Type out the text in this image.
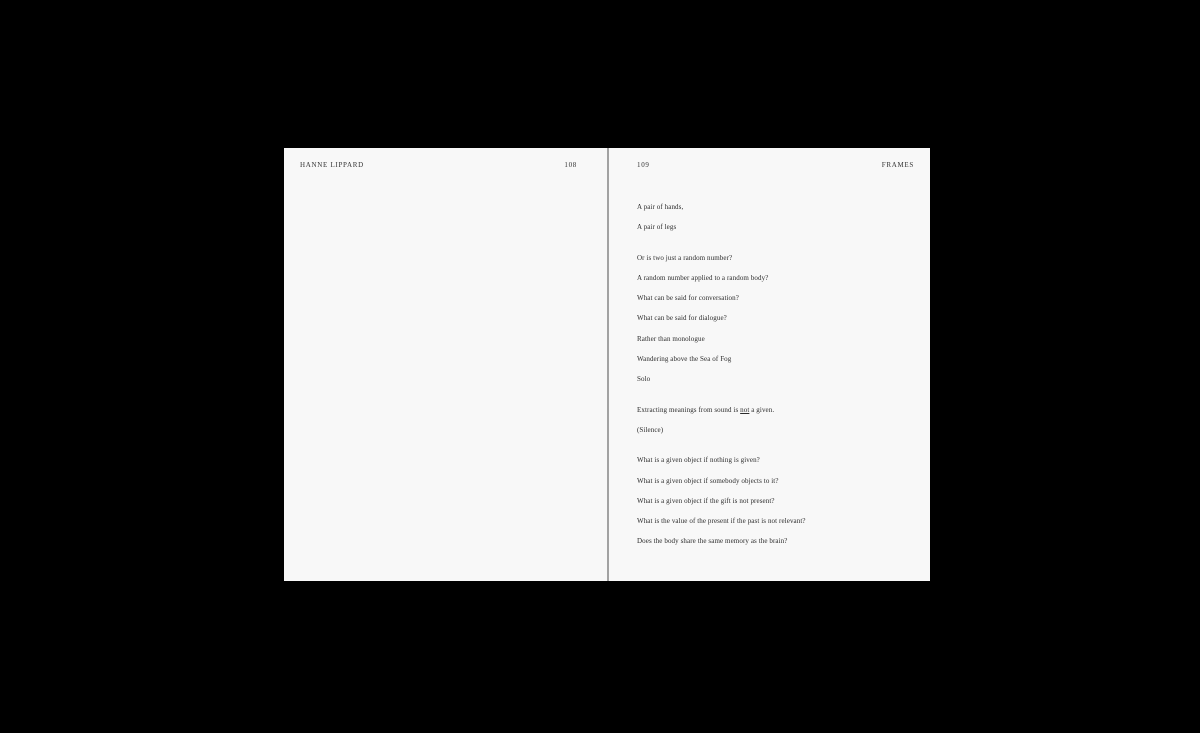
HANNE LIPPARD	108	109	FRAMES

A pair of hands,

A pair of legs

Or is two just a random number?

A random number applied to a random body?

What can be said for conversation?

What can be said for dialogue?

Rather than monologue

Wandering above the Sea of Fog

Solo

Extracting meanings from sound is not a given.

(Silence)

What is a given object if nothing is given?

What is a given object if somebody objects to it?

What is a given object if the gift is not present?

What is the value of the present if the past is not relevant?

Does the body share the same memory as the brain?
